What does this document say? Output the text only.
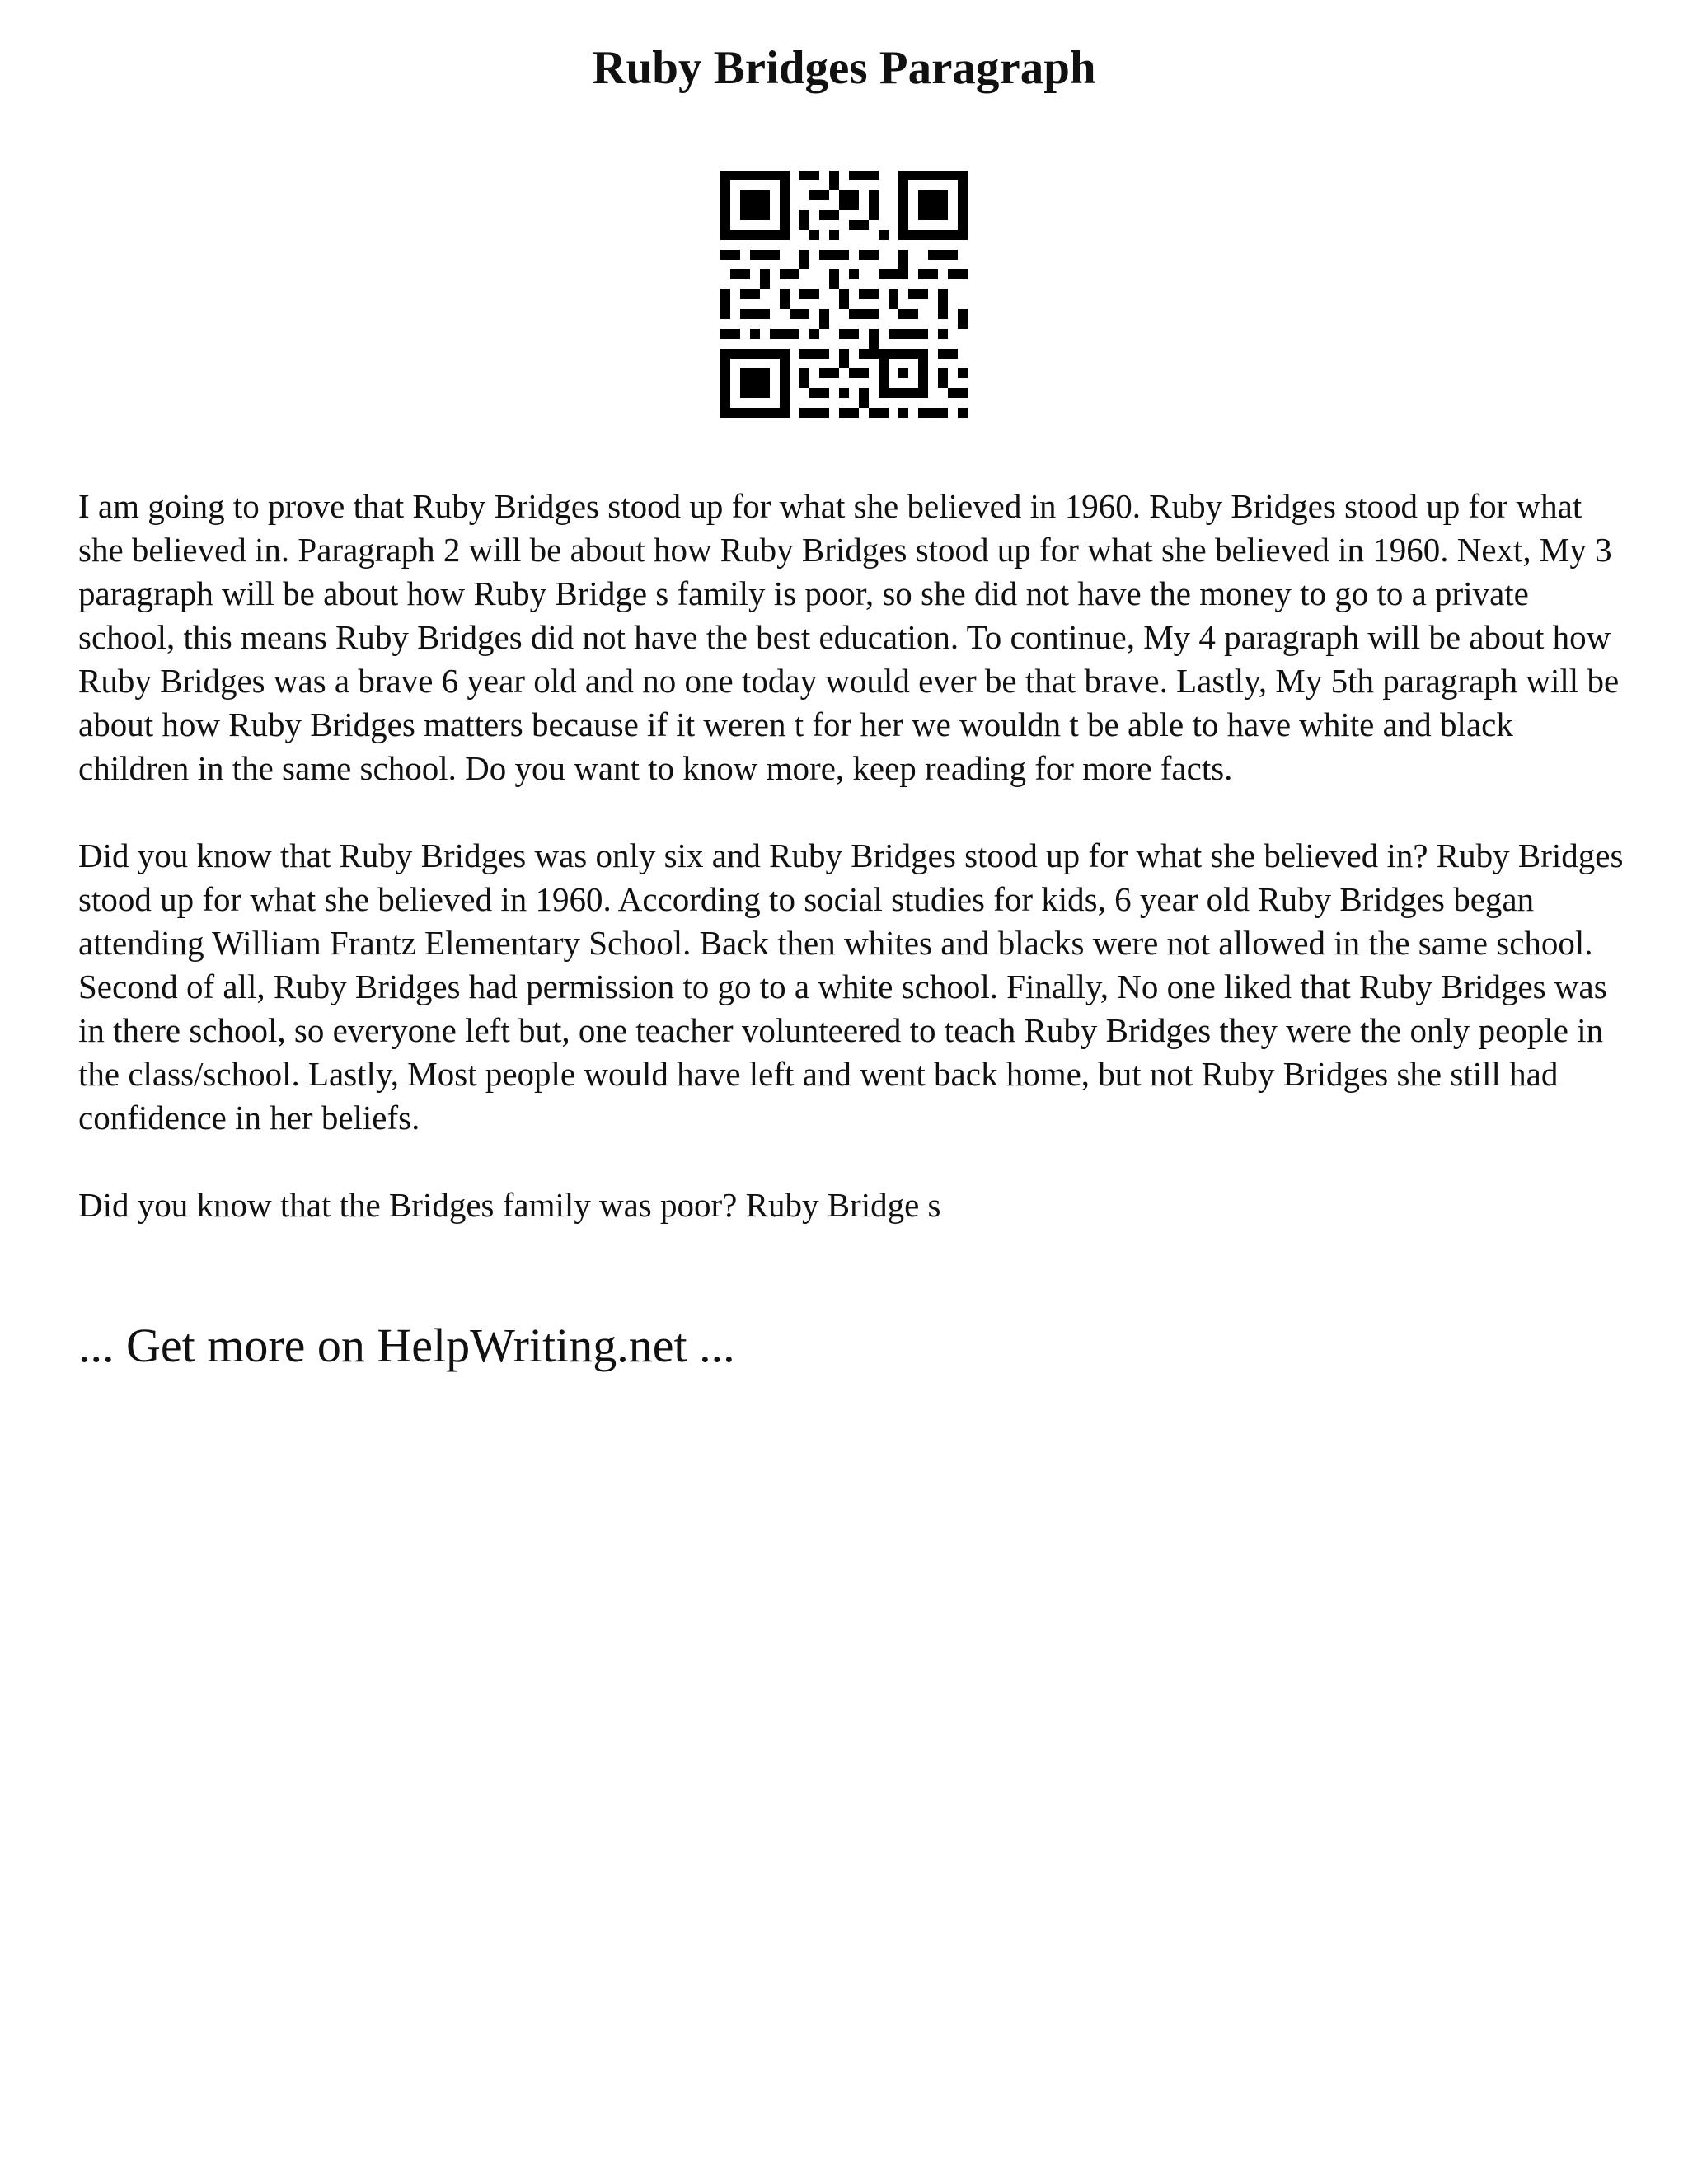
Ruby Bridges Paragraph

I am going to prove that Ruby Bridges stood up for what she believed in 1960. Ruby Bridges stood up for what she believed in. Paragraph 2 will be about how Ruby Bridges stood up for what she believed in 1960. Next, My 3 paragraph will be about how Ruby Bridge s family is poor, so she did not have the money to go to a private school, this means Ruby Bridges did not have the best education. To continue, My 4 paragraph will be about how Ruby Bridges was a brave 6 year old and no one today would ever be that brave. Lastly, My 5th paragraph will be about how Ruby Bridges matters because if it weren t for her we wouldn t be able to have white and black children in the same school. Do you want to know more, keep reading for more facts.

Did you know that Ruby Bridges was only six and Ruby Bridges stood up for what she believed in? Ruby Bridges stood up for what she believed in 1960. According to social studies for kids, 6 year old Ruby Bridges began attending William Frantz Elementary School. Back then whites and blacks were not allowed in the same school. Second of all, Ruby Bridges had permission to go to a white school. Finally, No one liked that Ruby Bridges was in there school, so everyone left but, one teacher volunteered to teach Ruby Bridges they were the only people in the class/school. Lastly, Most people would have left and went back home, but not Ruby Bridges she still had confidence in her beliefs.

Did you know that the Bridges family was poor? Ruby Bridge s

... Get more on HelpWriting.net ...
